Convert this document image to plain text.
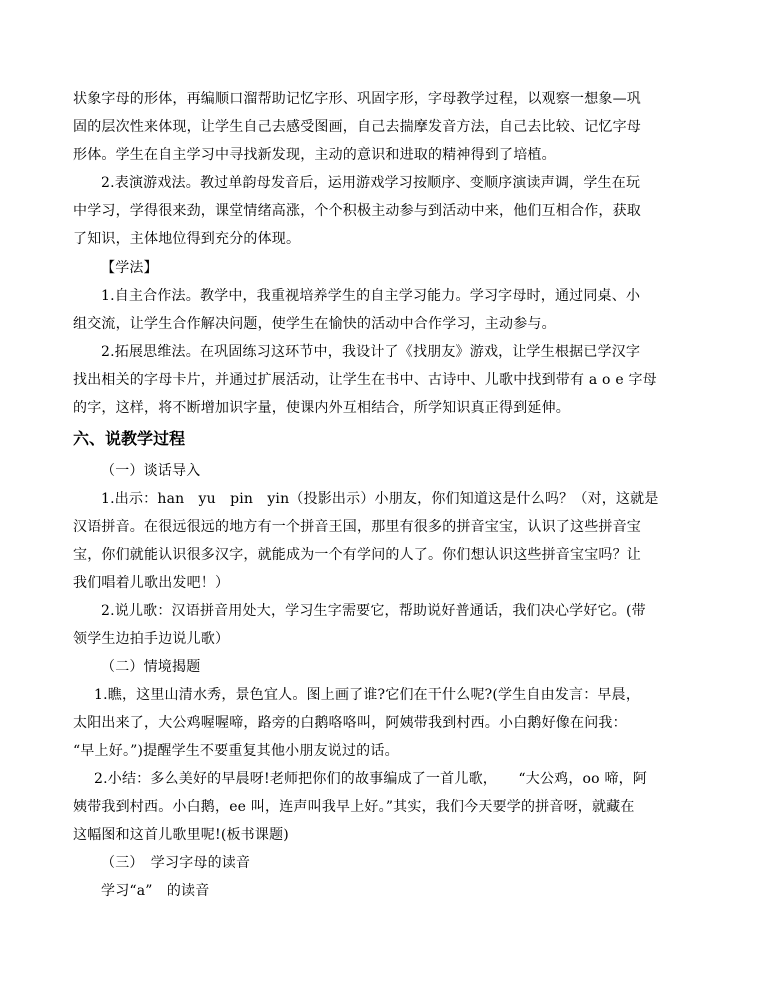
状象字母的形体，再编顺口溜帮助记忆字形、巩固字形，字母教学过程，以观察一想象—巩
固的层次性来体现，让学生自己去感受图画，自己去揣摩发音方法，自己去比较、记忆字母
形体。学生在自主学习中寻找新发现，主动的意识和进取的精神得到了培植。
2.表演游戏法。教过单韵母发音后，运用游戏学习按顺序、变顺序演读声调，学生在玩
中学习，学得很来劲，课堂情绪高涨，个个积极主动参与到活动中来，他们互相合作，获取
了知识，主体地位得到充分的体现。
【学法】
1.自主合作法。教学中，我重视培养学生的自主学习能力。学习字母时，通过同桌、小
组交流，让学生合作解决问题，使学生在愉快的活动中合作学习，主动参与。
2.拓展思维法。在巩固练习这环节中，我设计了《找朋友》游戏，让学生根据已学汉字
找出相关的字母卡片，并通过扩展活动，让学生在书中、古诗中、儿歌中找到带有 a o e 字母
的字，这样，将不断增加识字量，使课内外互相结合，所学知识真正得到延伸。
六、说教学过程
（一）谈话导入
1.出示：han　yu　pin　yin（投影出示）小朋友，你们知道这是什么吗？（对，这就是
汉语拼音。在很远很远的地方有一个拼音王国，那里有很多的拼音宝宝，认识了这些拼音宝
宝，你们就能认识很多汉字，就能成为一个有学问的人了。你们想认识这些拼音宝宝吗？让
我们唱着儿歌出发吧！）
2.说儿歌：汉语拼音用处大，学习生字需要它，帮助说好普通话，我们决心学好它。(带
领学生边拍手边说儿歌）
（二）情境揭题
1.瞧，这里山清水秀，景色宜人。图上画了谁?它们在干什么呢?(学生自由发言：早晨，
太阳出来了，大公鸡喔喔啼，路旁的白鹅咯咯叫，阿姨带我到村西。小白鹅好像在问我：
“早上好。”)提醒学生不要重复其他小朋友说过的话。
2.小结：多么美好的早晨呀!老师把你们的故事编成了一首儿歌，　　“大公鸡，oo 啼，阿
姨带我到村西。小白鹅，ee 叫，连声叫我早上好。”其实，我们今天要学的拼音呀，就藏在
这幅图和这首儿歌里呢!(板书课题)
（三）　学习字母的读音
学习“a”　的读音
